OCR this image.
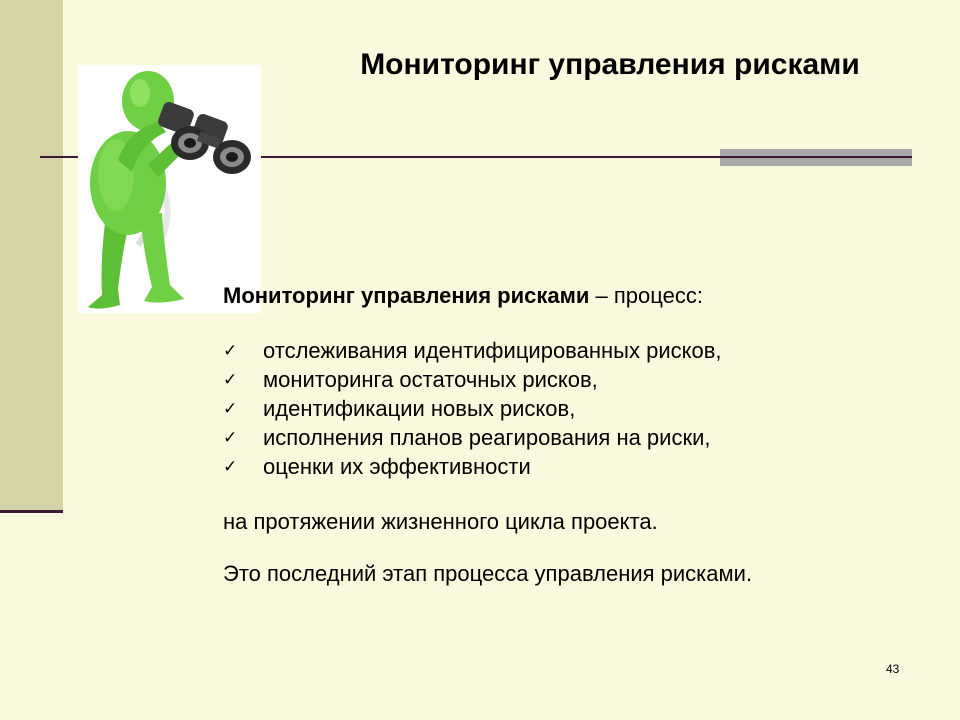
Мониторинг управления рисками

Мониторинг управления рисками – процесс:

✓ отслеживания идентифицированных рисков,
✓ мониторинга остаточных рисков,
✓ идентификации новых рисков,
✓ исполнения планов реагирования на риски,
✓ оценки их эффективности

на протяжении жизненного цикла проекта.

Это последний этап процесса управления рисками.

43
